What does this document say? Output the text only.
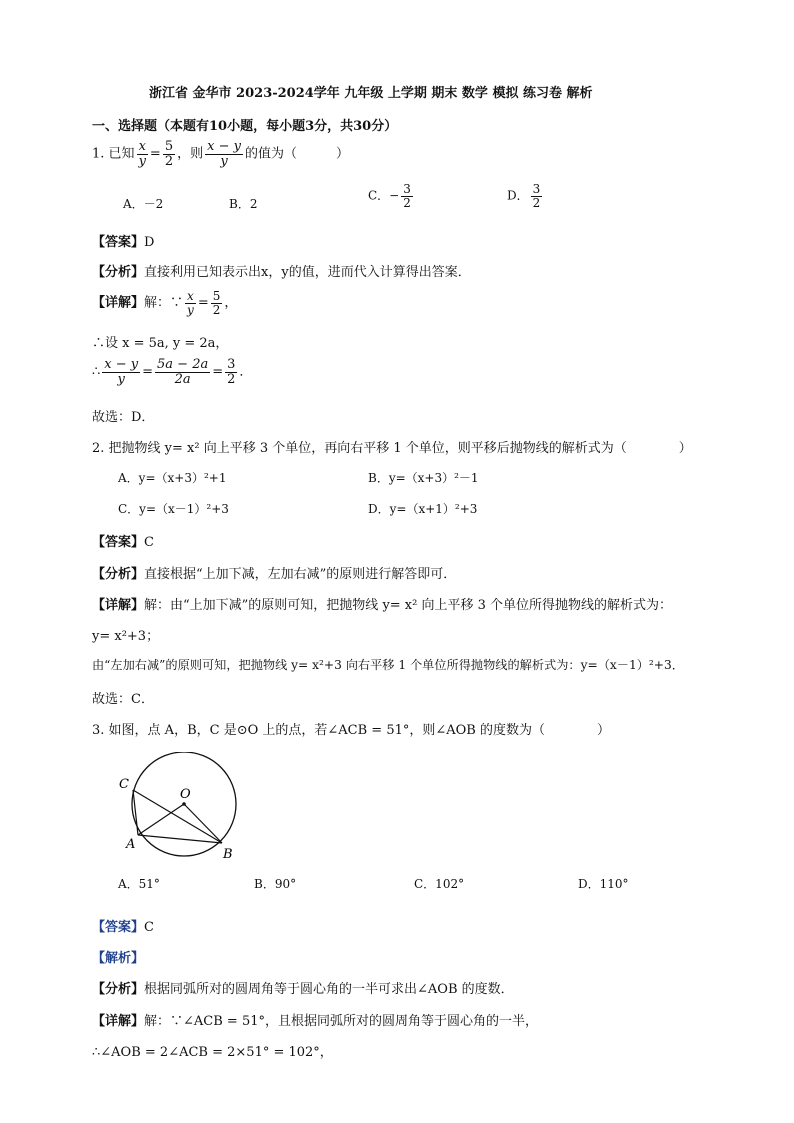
浙江省 金华市 2023-2024学年 九年级 上学期 期末 数学 模拟 练习卷 解析
一、选择题（本题有10小题，每小题3分，共30分）
1. 已知 $\frac{x}{y} = \frac{5}{2}$ ，则 $\frac{x - y}{y}$ 的值为（　　　）
A．－2	B．2
C．− $\frac{3}{2}$	D． $\frac{3}{2}$
【答案】D
【分析】直接利用已知表示出x，y的值，进而代入计算得出答案．
【详解】解：∵ $\frac{x}{y} = \frac{5}{2}$ ，
∴设 x = 5a, y = 2a，
∴ $\frac{x - y}{y} = \frac{5a - 2a}{2a} = \frac{3}{2}$ ．
故选：D．
2. 把抛物线 y= x² 向上平移 3 个单位，再向右平移 1 个单位，则平移后抛物线的解析式为（　　　　）
A．y=（x+3）²+1	B．y=（x+3）²－1
C．y=（x－1）²+3	D．y=（x+1）²+3
【答案】C
【分析】直接根据“上加下减，左加右减”的原则进行解答即可．
【详解】解：由“上加下减”的原则可知，把抛物线 y= x² 向上平移 3 个单位所得抛物线的解析式为：
y= x²+3；
由“左加右减”的原则可知，把抛物线 y= x²+3 向右平移 1 个单位所得抛物线的解析式为：y=（x－1）²+3．
故选：C．
3. 如图，点 A，B，C 是⊙O 上的点，若∠ACB = 51°，则∠AOB 的度数为（　　　　）
C
O
A
B
A．51°	B．90°	C．102°	D．110°
【答案】C
【解析】
【分析】根据同弧所对的圆周角等于圆心角的一半可求出∠AOB 的度数．
【详解】解：∵∠ACB = 51°，且根据同弧所对的圆周角等于圆心角的一半，
∴∠AOB = 2∠ACB = 2×51° = 102°，
